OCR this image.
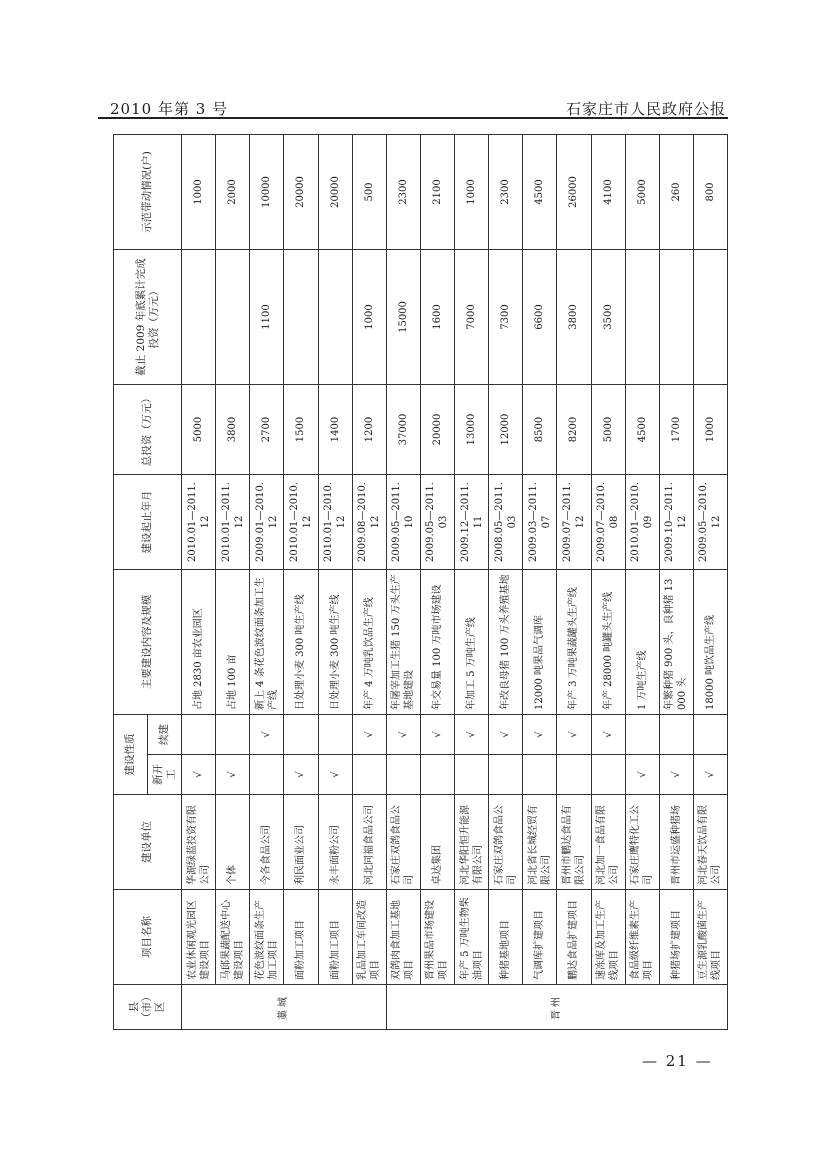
2010 年第 3 号	石家庄市人民政府公报
县（市）区	项目名称	建设单位	建设性质		主要建设内容及规模	建设起止年月	总投资（万元）	截止 2009 年底累计完成投资（万元）	示范带动情况(户)
			新开工	续建					
藁城	农业休闲观光园区建设项目	华源绿蓝投资有限公司	√		占地 2830 亩农业园区	2010.01—2011.12	5000		1000
	马邱果蔬配送中心建设项目	个体	√		占地 100 亩	2010.01—2011.12	3800		2000
	花色波纹面条生产加工项目	今各食品公司		√	新上 4 条花色波纹面条加工生产线	2009.01—2010.12	2700	1100	10000
	面粉加工项目	利民面业公司	√		日处理小麦 300 吨生产线	2010.01—2010.12	1500		20000
	面粉加工项目	永丰面粉公司	√		日处理小麦 300 吨生产线	2010.01—2010.12	1400		20000
	乳品加工车间改造项目	河北同福食品公司		√	年产 4 万吨乳饮品生产线	2009.08—2010.12	1200	1000	500
晋州	双鸽肉食加工基地项目	石家庄双鸽食品公司		√	年屠宰加工生猪 150 万头生产基地建设	2009.05—2011.10	37000	15000	2300
	晋州果品市场建设项目	卓达集团		√	年交易量 100 万吨市场建设	2009.05—2011.03	20000	1600	2100
	年产 5 万吨生物柴油项目	河北华阳恒升能源有限公司		√	年加工 5 万吨生产线	2009.12—2011.11	13000	7000	1000
	种猪基地项目	石家庄双鸽食品公司		√	年改良母猪 100 万头养殖基地	2008.05—2011.03	12000	7300	2300
	气调库扩建项目	河北省长城经贸有限公司		√	12000 吨果品气调库	2009.03—2011.07	8500	6600	4500
	鹏达食品扩建项目	晋州市鹏达食品有限公司		√	年产 3 万吨果蔬罐头生产线	2009.07—2011.12	8200	3800	26000
	速冻库及加工生产线项目	河北加一食品有限公司		√	年产 28000 吨罐头生产线	2009.07—2010.08	5000	3500	4100
	食品级纤维素生产项目	石家庄鹰特化工公司	√		1 万吨生产线	2010.01—2010.09	4500		5000
	种猪场扩建项目	晋州市运盛种猪场	√		年繁种猪 900 头，良种猪 13000 头	2009.10—2011.12	1700		260
	豆生源乳酸菌生产线项目	河北春天饮品有限公司	√		18000 吨饮品生产线	2009.05—2010.12	1000		800
— 21 —
